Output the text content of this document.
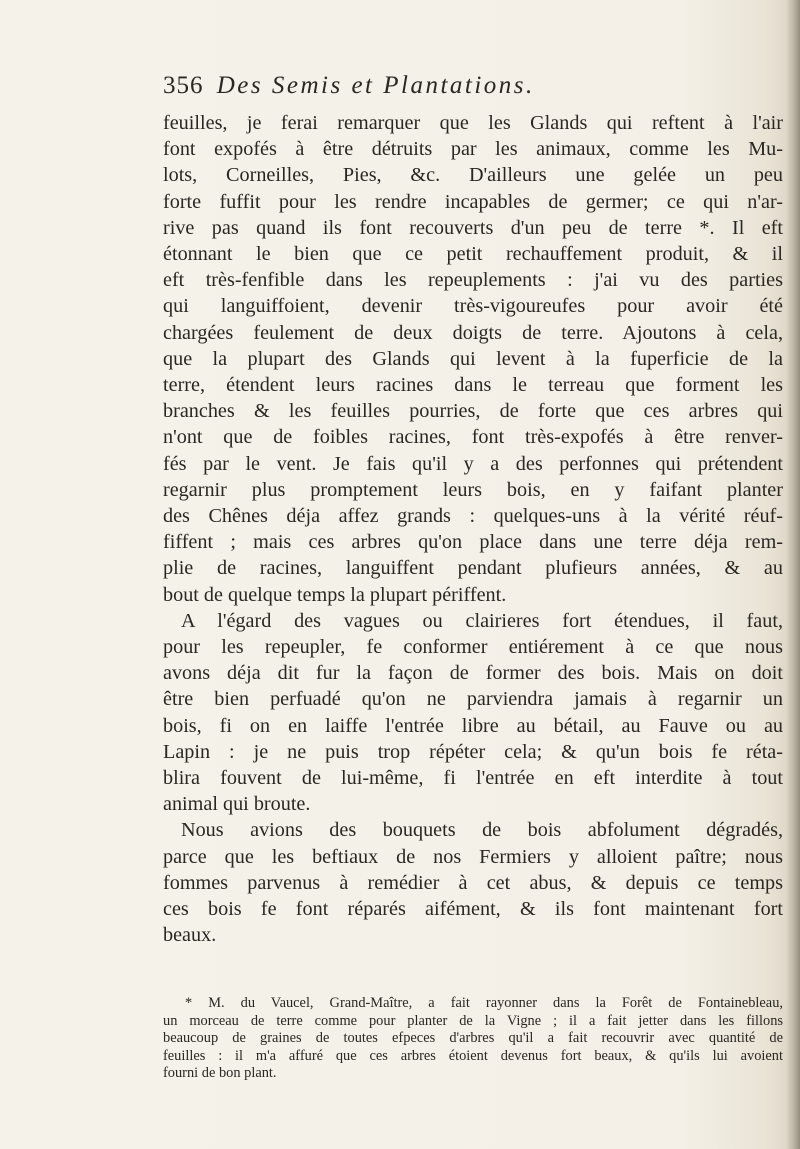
356 Des Semis et Plantations.
feuilles, je ferai remarquer que les Glands qui reftent à l'air
font expofés à être détruits par les animaux, comme les Mu-
lots, Corneilles, Pies, &c. D'ailleurs une gelée un peu
forte fuffit pour les rendre incapables de germer; ce qui n'ar-
rive pas quand ils font recouverts d'un peu de terre *. Il eft
étonnant le bien que ce petit rechauffement produit, & il
eft très-fenfible dans les repeuplements : j'ai vu des parties
qui languiffoient, devenir très-vigoureufes pour avoir été
chargées feulement de deux doigts de terre. Ajoutons à cela,
que la plupart des Glands qui levent à la fuperficie de la
terre, étendent leurs racines dans le terreau que forment les
branches & les feuilles pourries, de forte que ces arbres qui
n'ont que de foibles racines, font très-expofés à être renver-
fés par le vent. Je fais qu'il y a des perfonnes qui prétendent
regarnir plus promptement leurs bois, en y faifant planter
des Chênes déja affez grands : quelques-uns à la vérité réuf-
fiffent ; mais ces arbres qu'on place dans une terre déja rem-
plie de racines, languiffent pendant plufieurs années, & au
bout de quelque temps la plupart périffent.
A l'égard des vagues ou clairieres fort étendues, il faut,
pour les repeupler, fe conformer entiérement à ce que nous
avons déja dit fur la façon de former des bois. Mais on doit
être bien perfuadé qu'on ne parviendra jamais à regarnir un
bois, fi on en laiffe l'entrée libre au bétail, au Fauve ou au
Lapin : je ne puis trop répéter cela; & qu'un bois fe réta-
blira fouvent de lui-même, fi l'entrée en eft interdite à tout
animal qui broute.
Nous avions des bouquets de bois abfolument dégradés,
parce que les beftiaux de nos Fermiers y alloient paître; nous
fommes parvenus à remédier à cet abus, & depuis ce temps
ces bois fe font réparés aifément, & ils font maintenant fort
beaux.
* M. du Vaucel, Grand-Maître, a fait rayonner dans la Forêt de Fontainebleau,
un morceau de terre comme pour planter de la Vigne ; il a fait jetter dans les fillons
beaucoup de graines de toutes efpeces d'arbres qu'il a fait recouvrir avec quantité de
feuilles : il m'a affuré que ces arbres étoient devenus fort beaux, & qu'ils lui avoient
fourni de bon plant.
